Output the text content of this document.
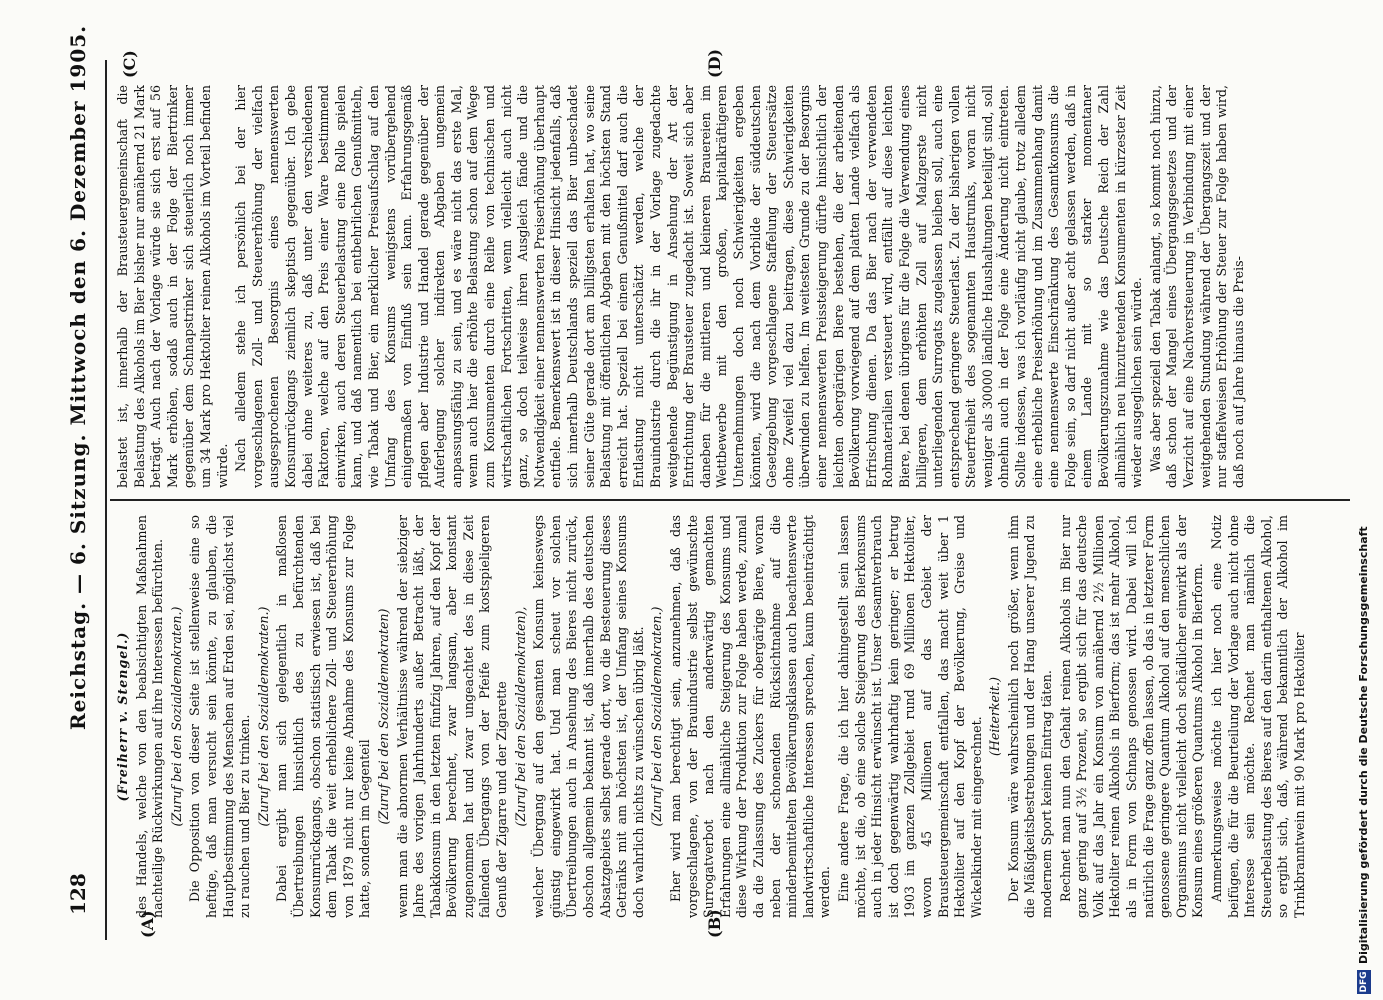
128
Reichstag. — 6. Sitzung. Mittwoch den 6. Dezember 1905.
(A)	(B)
(C)	(D)

(Freiherr v. Stengel.) des Handels, welche von den beabsichtigten Maßnahmen nachteilige Rückwirkungen auf ihre Interessen befürchten. (Zuruf bei den Sozialdemokraten.) Die Opposition von dieser Seite ist stellenweise eine so heftige, daß man versucht sein könnte, zu glauben, die Hauptbestimmung des Menschen auf Erden sei, möglichst viel zu rauchen und Bier zu trinken. (Zuruf bei den Sozialdemokraten.) Dabei ergibt man sich gelegentlich in maßlosen Übertreibungen hinsichtlich des zu befürchtenden Konsumrückgangs, obschon statistisch erwiesen ist, daß bei dem Tabak die weit erheblichere Zoll- und Steuererhöhung von 1879 nicht nur keine Abnahme des Konsums zur Folge hatte, sondern im Gegenteil

(Zuruf bei den Sozialdemokraten) wenn man die abnormen Verhältnisse während der siebziger Jahre des vorigen Jahrhunderts außer Betracht läßt, der Tabakkonsum in den letzten fünfzig Jahren, auf den Kopf der Bevölkerung berechnet, zwar langsam, aber konstant zugenommen hat und zwar ungeachtet des in diese Zeit fallenden Übergangs von der Pfeife zum kostspieligeren Genuß der Zigarre und der Zigarette (Zuruf bei den Sozialdemokraten), welcher Übergang auf den gesamten Konsum keineswegs günstig eingewirkt hat. Und man scheut vor solchen Übertreibungen auch in Ansehung des Bieres nicht zurück, obschon allgemein bekannt ist, daß innerhalb des deutschen Absatzgebiets selbst gerade dort, wo die Besteuerung dieses Getränks mit am höchsten ist, der Umfang seines Konsums doch wahrlich nichts zu wünschen übrig läßt. (Zuruf bei den Sozialdemokraten.) Eher wird man berechtigt sein, anzunehmen, daß das vorgeschlagene, von der Brauindustrie selbst gewünschte Surrogatverbot nach den anderwärtig gemachten Erfahrungen eine allmähliche Steigerung des Konsums und diese Wirkung der Produktion zur Folge haben werde, zumal da die Zulassung des Zuckers für obergärige Biere, woran neben der schonenden Rücksichtnahme auf die minderbemittelten Bevölkerungsklassen auch beachtenswerte landwirtschaftliche Interessen sprechen, kaum beeinträchtigt werden. Eine andere Frage, die ich hier dahingestellt sein lassen möchte, ist die, ob eine solche Steigerung des Bierkonsums auch in jeder Hinsicht erwünscht ist. Unser Gesamtverbrauch ist doch gegenwärtig wahrhaftig kein geringer; er betrug 1903 im ganzen Zollgebiet rund 69 Millionen Hektoliter, wovon 45 Millionen auf das Gebiet der Brausteuergemeinschaft entfallen, das macht weit über 1 Hektoliter auf den Kopf der Bevölkerung, Greise und Wickelkinder mit eingerechnet. (Heiterkeit.) Der Konsum wäre wahrscheinlich noch größer, wenn ihm die Mäßigkeitsbestrebungen und der Hang unserer Jugend zu modernem Sport keinen Eintrag täten. Rechnet man nun den Gehalt reinen Alkohols im Bier nur ganz gering auf 3½ Prozent, so ergibt sich für das deutsche Volk auf das Jahr ein Konsum von annähernd 2½ Millionen Hektoliter reinen Alkohols in Bierform; das ist mehr Alkohol, als in Form von Schnaps genossen wird. Dabei will ich natürlich die Frage ganz offen lassen, ob das in letzterer Form genossene geringere Quantum Alkohol auf den menschlichen Organismus nicht vielleicht doch schädlicher einwirkt als der Konsum eines größeren Quantums Alkohol in Bierform. Ammerkungsweise möchte ich hier noch eine Notiz beifügen, die für die Beurteilung der Vorlage auch nicht ohne Interesse sein möchte. Rechnet man nämlich die Steuerbelastung des Bieres auf den darin enthaltenen Alkohol, so ergibt sich, daß, während bekanntlich der Alkohol im Trinkbranntwein mit 90 Mark pro Hektoliter

belastet ist, innerhalb der Brausteuergemeinschaft die Belastung des Alkohols im Bier bisher nur annähernd 21 Mark beträgt. Auch nach der Vorlage würde sie sich erst auf 56 Mark erhöhen, sodaß auch in der Folge der Biertrinker gegenüber dem Schnapstrinker sich steuerlich noch immer um 34 Mark pro Hektoliter reinen Alkohols im Vorteil befinden würde. Nach alledem stehe ich persönlich bei der hier vorgeschlagenen Zoll- und Steuererhöhung der vielfach ausgesprochenen Besorgnis eines nennenswerten Konsumrückgangs ziemlich skeptisch gegenüber. Ich gebe dabei ohne weiteres zu, daß unter den verschiedenen Faktoren, welche auf den Preis einer Ware bestimmend einwirken, auch deren Steuerbelastung eine Rolle spielen kann, und daß namentlich bei entbehrlichen Genußmitteln, wie Tabak und Bier, ein merklicher Preisaufschlag auf den Umfang des Konsums wenigstens vorübergehend einigermaßen von Einfluß sein kann. Erfahrungsgemäß pflegen aber Industrie und Handel gerade gegenüber der Auferlegung solcher indirekten Abgaben ungemein anpassungsfähig zu sein, und es wäre nicht das erste Mal, wenn auch hier die erhöhte Belastung schon auf dem Wege zum Konsumenten durch eine Reihe von technischen und wirtschaftlichen Fortschritten, wenn vielleicht auch nicht ganz, so doch teilweise ihren Ausgleich fände und die Notwendigkeit einer nennenswerten Preiserhöhung überhaupt entfiele. Bemerkenswert ist in dieser Hinsicht jedenfalls, daß sich innerhalb Deutschlands speziell das Bier unbeschadet seiner Güte gerade dort am billigsten erhalten hat, wo seine Belastung mit öffentlichen Abgaben mit den höchsten Stand erreicht hat. Speziell bei einem Genußmittel darf auch die Entlastung nicht unterschätzt werden, welche der Brauindustrie durch die ihr in der Vorlage zugedachte weitgehende Begünstigung in Ansehung der Art der Entrichtung der Brausteuer zugedacht ist. Soweit sich aber daneben für die mittleren und kleineren Brauereien im Wettbewerbe mit den großen, kapitalkräftigeren Unternehmungen doch noch Schwierigkeiten ergeben könnten, wird die nach dem Vorbilde der süddeutschen Gesetzgebung vorgeschlagene Staffelung der Steuersätze ohne Zweifel viel dazu beitragen, diese Schwierigkeiten überwinden zu helfen. Im weitesten Grunde zu der Besorgnis einer nennenswerten Preissteigerung dürfte hinsichtlich der leichten obergärigen Biere bestehen, die der arbeitenden Bevölkerung vorwiegend auf dem platten Lande vielfach als Erfrischung dienen. Da das Bier nach der verwendeten Rohmaterialien versteuert wird, entfällt auf diese leichten Biere, bei denen übrigens für die Folge die Verwendung eines billigeren, dem erhöhten Zoll auf Malzgerste nicht unterliegenden Surrogats zugelassen bleiben soll, auch eine entsprechend geringere Steuerlast. Zu der bisherigen vollen Steuerfreiheit des sogenannten Haustrunks, woran nicht weniger als 30000 ländliche Haushaltungen beteiligt sind, soll ohnehin auch in der Folge eine Änderung nicht eintreten. Sollte indessen, was ich vorläufig nicht glaube, trotz alledem eine erhebliche Preiserhöhung und im Zusammenhang damit eine nennenswerte Einschränkung des Gesamtkonsums die Folge sein, so darf nicht außer acht gelassen werden, daß in einem Lande mit so starker momentaner Bevölkerungszunahme wie das Deutsche Reich der Zahl allmählich neu hinzutretenden Konsumenten in kürzester Zeit wieder ausgeglichen sein würde. Was aber speziell den Tabak anlangt, so kommt noch hinzu, daß schon der Mangel eines Übergangsgesetzes und der Verzicht auf eine Nachversteuerung in Verbindung mit einer weitgehenden Stundung während der Übergangszeit und der nur staffelweisen Erhöhung der Steuer zur Folge haben wird, daß noch auf Jahre hinaus die Preis-

DFG
Digitalisierung gefördert durch die Deutsche Forschungsgemeinschaft
